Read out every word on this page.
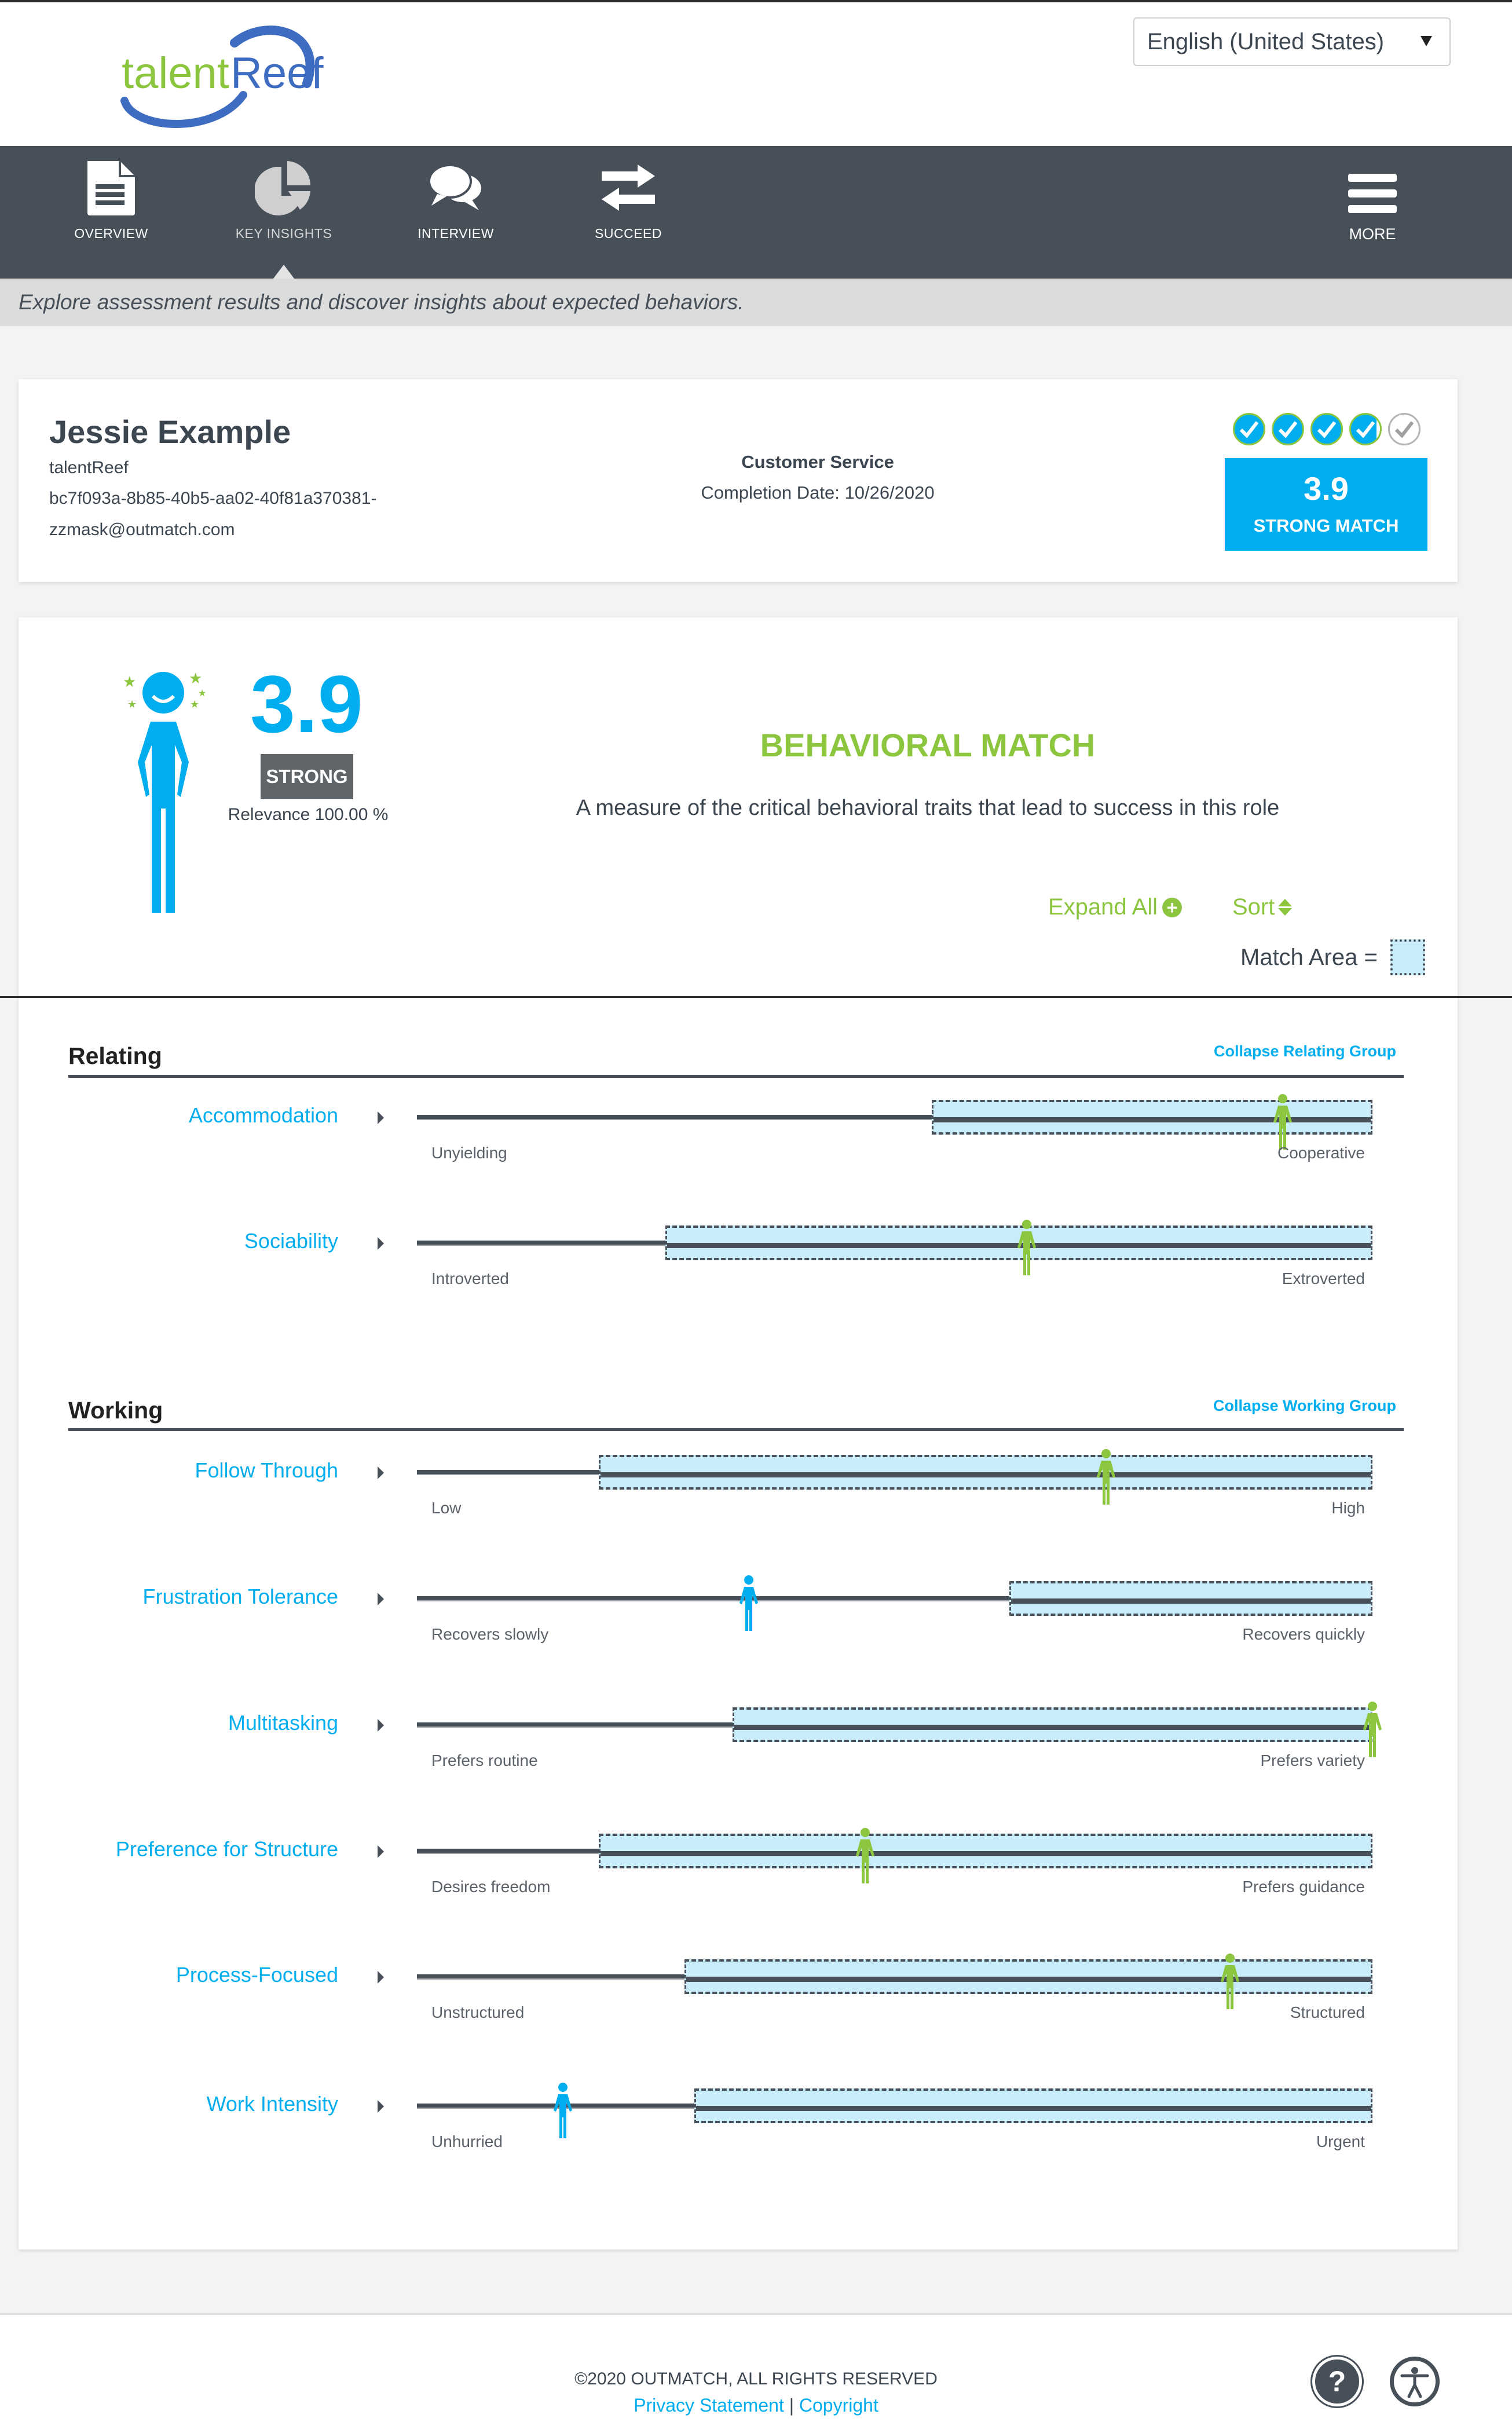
talent Reef
English (United States)
OVERVIEW	KEY INSIGHTS	INTERVIEW	SUCCEED	MORE
Explore assessment results and discover insights about expected behaviors.
Jessie Example
talentReef
bc7f093a-8b85-40b5-aa02-40f81a370381-
zzmask@outmatch.com
Customer Service
Completion Date: 10/26/2020	3.9
STRONG MATCH
★	★
★
★	★ 3.9
STRONG
Relevance 100.00 %
BEHAVIORAL MATCH
A measure of the critical behavioral traits that lead to success in this role
Expand All + Sort
Match Area =
Relating	Collapse Relating Group
Accommodation
Unyielding	Cooperative
Sociability
Introverted	Extroverted
Working	Collapse Working Group
Follow Through
Low	High
Frustration Tolerance
Recovers slowly	Recovers quickly
Multitasking
Prefers routine	Prefers variety
Preference for Structure
Desires freedom	Prefers guidance
Process-Focused
Unstructured	Structured
Work Intensity
Unhurried	Urgent
©2020 OUTMATCH, ALL RIGHTS RESERVED
Privacy Statement | Copyright
?
